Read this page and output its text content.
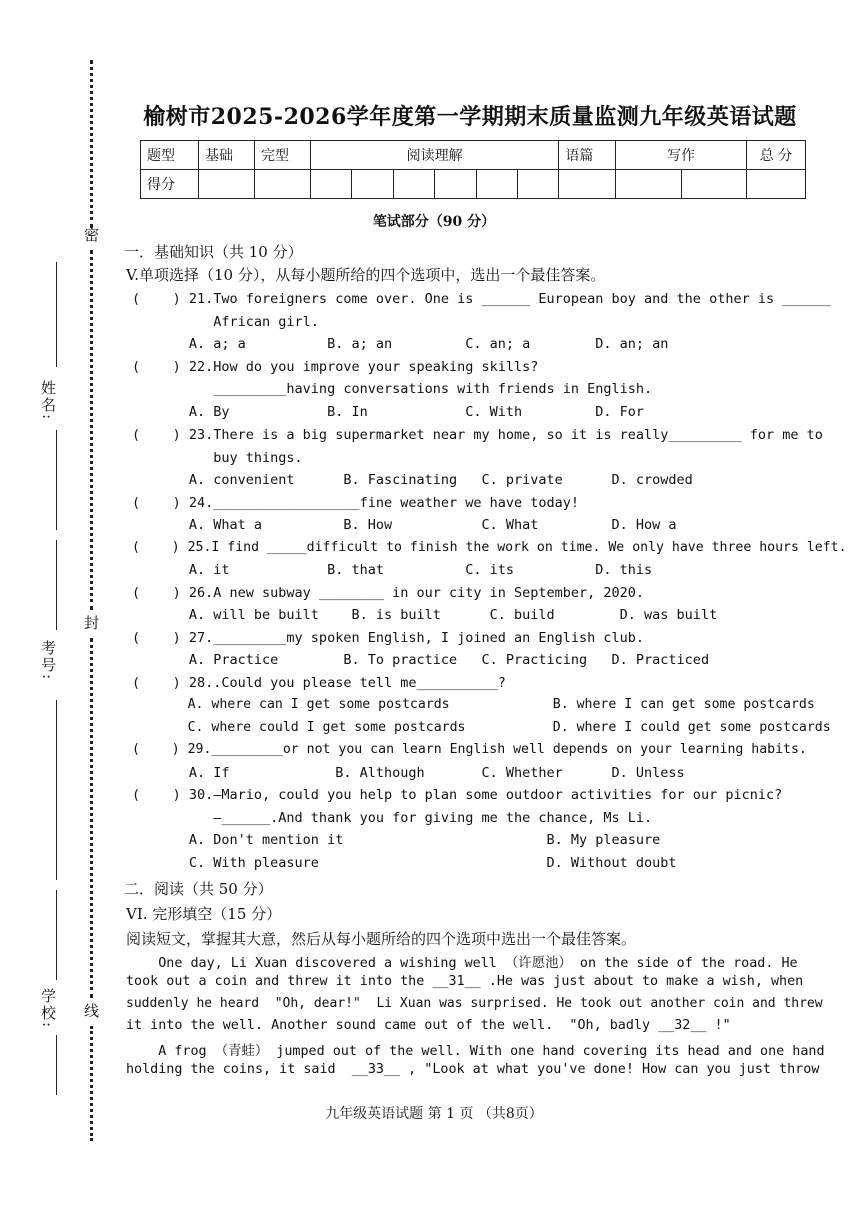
密
封
线
姓名:
考号:
学校:
榆树市2025-2026学年度第一学期期末质量监测九年级英语试题
题型	基础	完型	阅读理解						语篇	写作		总 分
得分												
笔试部分（90 分）
一．基础知识（共 10 分）
V.单项选择（10 分），从每小题所给的四个选项中，选出一个最佳答案。
(    ) 21.Two foreigners come over. One is ______ European boy and the other is ______
African girl.
A. a; a          B. a; an         C. an; a        D. an; an
(    ) 22.How do you improve your speaking skills?
_________having conversations with friends in English.
A. By            B. In            C. With         D. For
(    ) 23.There is a big supermarket near my home, so it is really_________ for me to
buy things.
A. convenient      B. Fascinating   C. private      D. crowded
(    ) 24.__________________fine weather we have today!
A. What a          B. How           C. What         D. How a
(    ) 25.I find _____difficult to finish the work on time. We only have three hours left.
A. it            B. that          C. its          D. this
(    ) 26.A new subway ________ in our city in September, 2020.
A. will be built    B. is built      C. build        D. was built
(    ) 27._________my spoken English, I joined an English club.
A. Practice        B. To practice   C. Practicing   D. Practiced
(    ) 28..Could you please tell me__________?
A. where can I get some postcards             B. where I can get some postcards
C. where could I get some postcards           D. where I could get some postcards
(    ) 29._________or not you can learn English well depends on your learning habits.
A. If             B. Although       C. Whether      D. Unless
(    ) 30.—Mario, could you help to plan some outdoor activities for our picnic?
—______.And thank you for giving me the chance, Ms Li.
A. Don't mention it                         B. My pleasure
C. With pleasure                            D. Without doubt
二．阅读（共 50 分）
VI. 完形填空（15 分）
阅读短文，掌握其大意，然后从每小题所给的四个选项中选出一个最佳答案。
One day, Li Xuan discovered a wishing well （许愿池） on the side of the road. He
took out a coin and threw it into the __31__ .He was just about to make a wish, when
suddenly he heard  "Oh, dear!"  Li Xuan was surprised. He took out another coin and threw
it into the well. Another sound came out of the well.  "Oh, badly __32__ !"
A frog （青蛙） jumped out of the well. With one hand covering its head and one hand
holding the coins, it said  __33__ , "Look at what you've done! How can you just throw
九年级英语试题 第 1 页 （共8页）
